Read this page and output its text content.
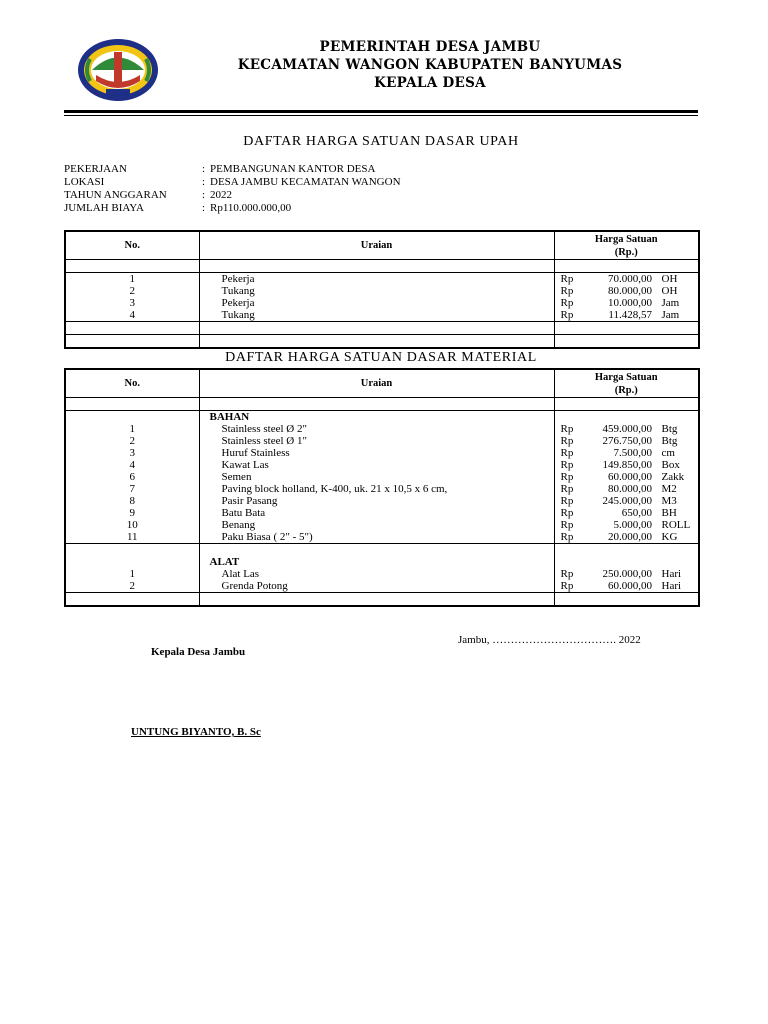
PEMERINTAH DESA JAMBU
KECAMATAN WANGON KABUPATEN BANYUMAS
KEPALA DESA
DAFTAR HARGA SATUAN DASAR UPAH
PEKERJAAN	: PEMBANGUNAN KANTOR DESA
LOKASI	: DESA JAMBU KECAMATAN WANGON
TAHUN ANGGARAN	: 2022
JUMLAH BIAYA	: Rp110.000.000,00
No.	Uraian	Harga Satuan
(Rp.)

1	Pekerja	Rp 70.000,00 OH

2	Tukang	Rp 80.000,00 OH

3	Pekerja	Rp 10.000,00 Jam

4	Tukang	Rp 11.428,57 Jam

DAFTAR HARGA SATUAN DASAR MATERIAL
No.	Uraian	Harga Satuan
(Rp.)

	BAHAN	
1	Stainless steel Ø 2"	Rp 459.000,00 Btg

2	Stainless steel Ø 1"	Rp 276.750,00 Btg

3	Huruf Stainless	Rp 7.500,00 cm

4	Kawat Las	Rp 149.850,00 Box

6	Semen	Rp 60.000,00 Zakk

7	Paving block holland, K-400, uk. 21 x 10,5 x 6 cm,	Rp 80.000,00 M2

8	Pasir Pasang	Rp 245.000,00 M3

9	Batu Bata	Rp 650,00 BH

10	Benang	Rp 5.000,00 ROLL

11	Paku Biasa ( 2" - 5")	Rp 20.000,00 KG

	ALAT	
1	Alat Las	Rp 250.000,00 Hari

2	Grenda Potong	Rp 60.000,00 Hari

Jambu, ……………………………. 2022
Kepala Desa Jambu
UNTUNG BIYANTO, B. Sc
